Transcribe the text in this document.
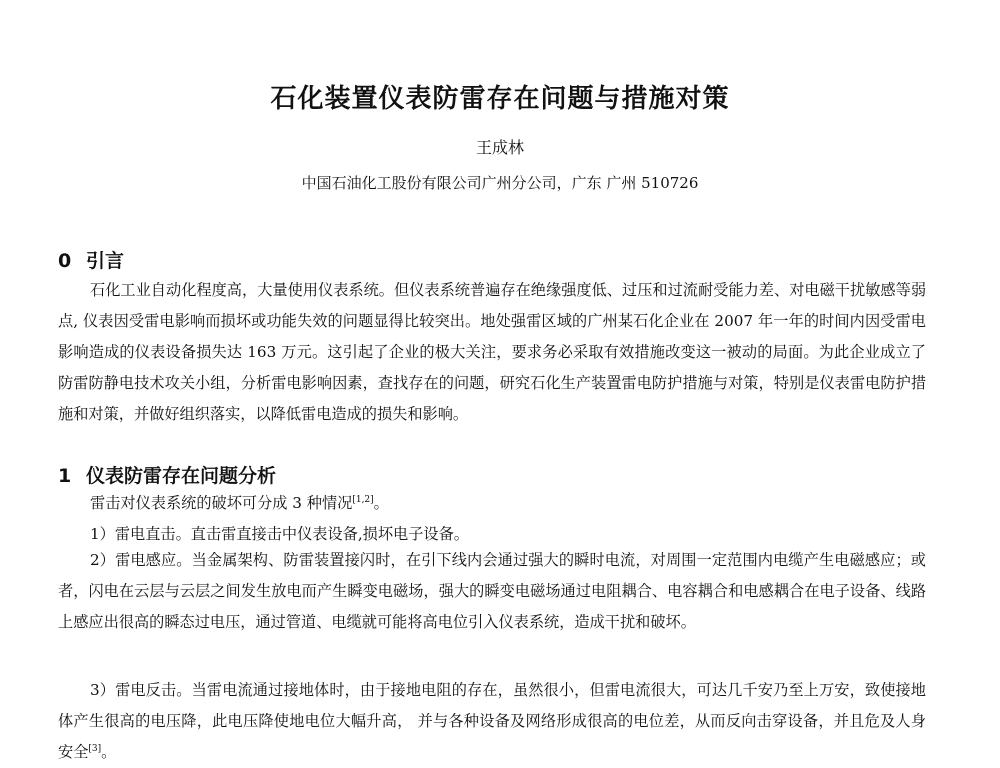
石化装置仪表防雷存在问题与措施对策
王成林
中国石油化工股份有限公司广州分公司，广东 广州 510726
0 引言
石化工业自动化程度高，大量使用仪表系统。但仪表系统普遍存在绝缘强度低、过压和过流耐受能力差、对电磁干扰敏感等弱点, 仪表因受雷电影响而损坏或功能失效的问题显得比较突出。地处强雷区域的广州某石化企业在 2007 年一年的时间内因受雷电影响造成的仪表设备损失达 163 万元。这引起了企业的极大关注，要求务必采取有效措施改变这一被动的局面。为此企业成立了防雷防静电技术攻关小组，分析雷电影响因素，查找存在的问题，研究石化生产装置雷电防护措施与对策，特别是仪表雷电防护措施和对策，并做好组织落实，以降低雷电造成的损失和影响。
1 仪表防雷存在问题分析
雷击对仪表系统的破坏可分成 3 种情况[1,2]。
1）雷电直击。直击雷直接击中仪表设备,损坏电子设备。
2）雷电感应。当金属架构、防雷装置接闪时，在引下线内会通过强大的瞬时电流，对周围一定范围内电缆产生电磁感应；或者，闪电在云层与云层之间发生放电而产生瞬变电磁场，强大的瞬变电磁场通过电阻耦合、电容耦合和电感耦合在电子设备、线路上感应出很高的瞬态过电压，通过管道、电缆就可能将高电位引入仪表系统，造成干扰和破坏。
3）雷电反击。当雷电流通过接地体时，由于接地电阻的存在，虽然很小，但雷电流很大，可达几千安乃至上万安，致使接地体产生很高的电压降，此电压降使地电位大幅升高， 并与各种设备及网络形成很高的电位差，从而反向击穿设备，并且危及人身安全[3]。
